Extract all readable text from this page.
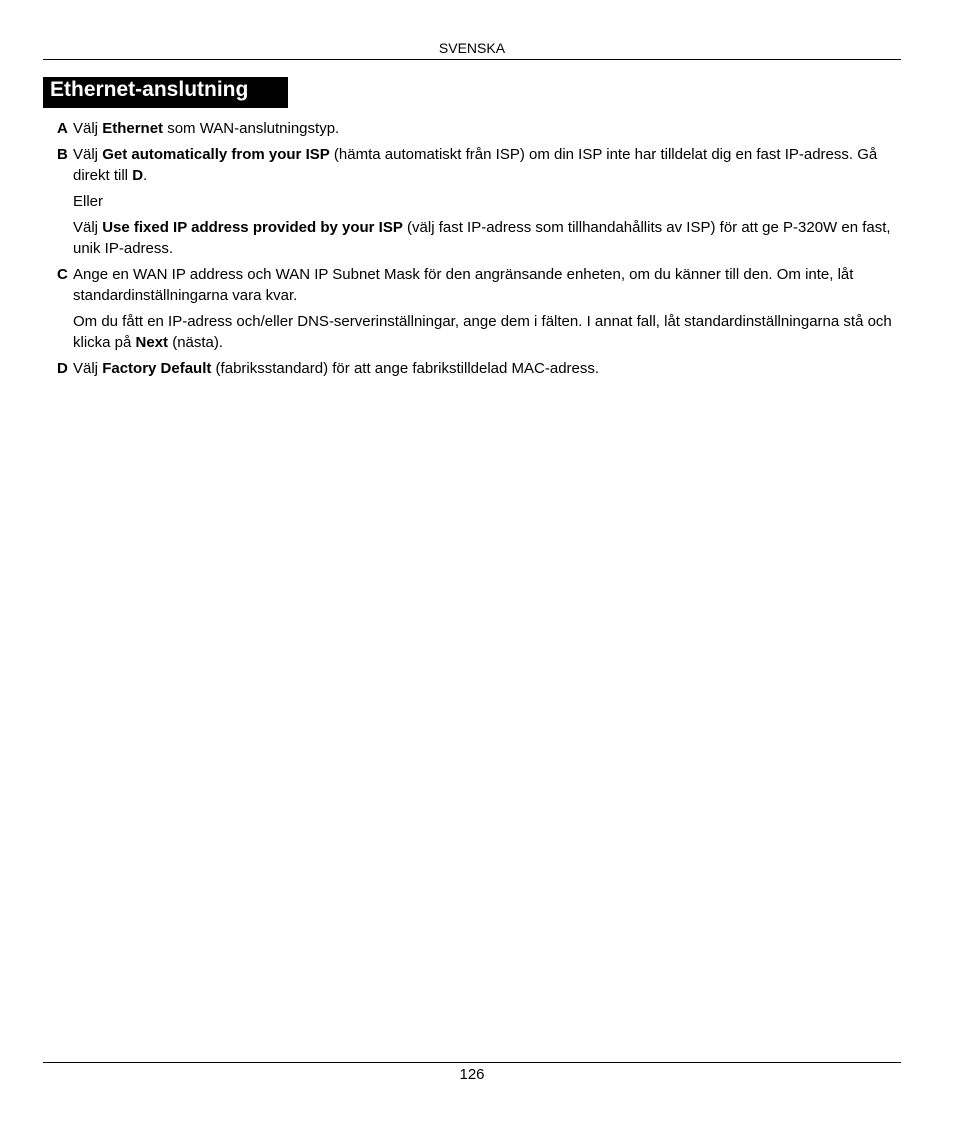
SVENSKA
Ethernet-anslutning
A Välj Ethernet som WAN-anslutningstyp.
B Välj Get automatically from your ISP (hämta automatiskt från ISP) om din ISP inte har tilldelat dig en fast IP-adress. Gå direkt till D.
Eller
Välj Use fixed IP address provided by your ISP (välj fast IP-adress som tillhandahållits av ISP) för att ge P-320W en fast, unik IP-adress.
C Ange en WAN IP address och WAN IP Subnet Mask för den angränsande enheten, om du känner till den. Om inte, låt standardinställningarna vara kvar.
Om du fått en IP-adress och/eller DNS-serverinställningar, ange dem i fälten. I annat fall, låt standardinställningarna stå och klicka på Next (nästa).
D Välj Factory Default (fabriksstandard) för att ange fabrikstilldelad MAC-adress.
126
